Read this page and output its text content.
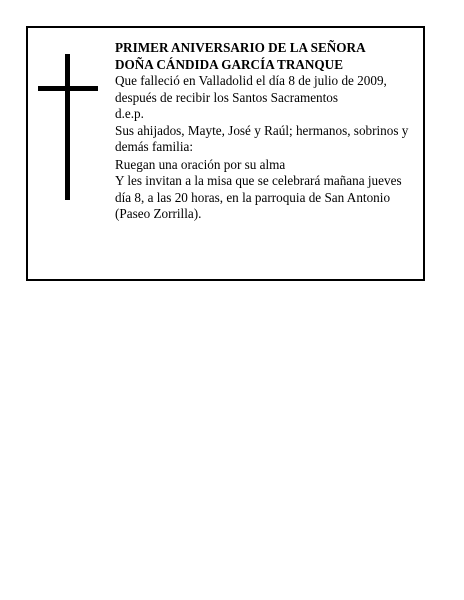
PRIMER ANIVERSARIO DE LA SEÑORA

DOÑA CÁNDIDA GARCÍA TRANQUE

Que falleció en Valladolid el día 8 de julio de 2009, después de recibir los Santos Sacramentos

d.e.p.

Sus ahijados, Mayte, José y Raúl; hermanos, sobrinos y demás familia:

Ruegan una oración por su alma

Y les invitan a la misa que se celebrará mañana jueves día 8, a las 20 horas, en la parroquia de San Antonio (Paseo Zorrilla).
